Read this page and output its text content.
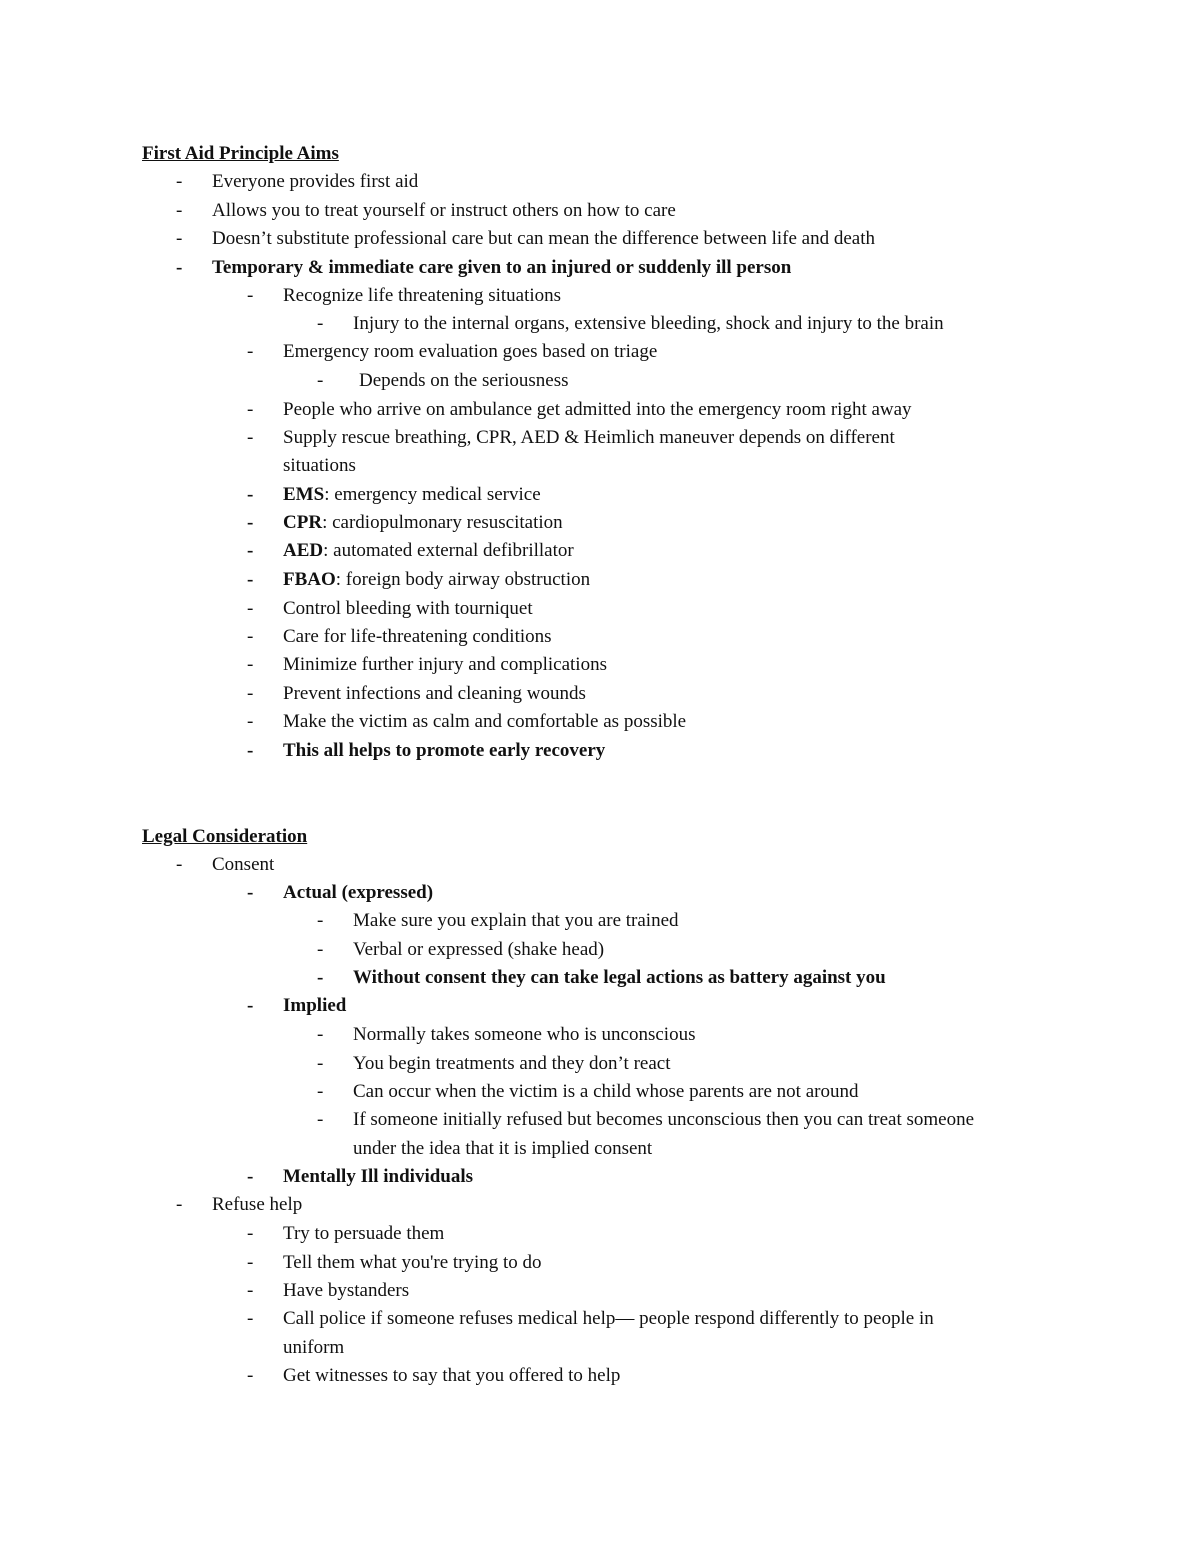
First Aid Principle Aims
- Everyone provides first aid
- Allows you to treat yourself or instruct others on how to care
- Doesn’t substitute professional care but can mean the difference between life and death
- Temporary & immediate care given to an injured or suddenly ill person
- Recognize life threatening situations
- Injury to the internal organs, extensive bleeding, shock and injury to the brain
- Emergency room evaluation goes based on triage
- Depends on the seriousness
- People who arrive on ambulance get admitted into the emergency room right away
- Supply rescue breathing, CPR, AED & Heimlich maneuver depends on different
situations
- EMS: emergency medical service
- CPR: cardiopulmonary resuscitation
- AED: automated external defibrillator
- FBAO: foreign body airway obstruction
- Control bleeding with tourniquet
- Care for life-threatening conditions
- Minimize further injury and complications
- Prevent infections and cleaning wounds
- Make the victim as calm and comfortable as possible
- This all helps to promote early recovery
Legal Consideration
- Consent
- Actual (expressed)
- Make sure you explain that you are trained
- Verbal or expressed (shake head)
- Without consent they can take legal actions as battery against you
- Implied
- Normally takes someone who is unconscious
- You begin treatments and they don’t react
- Can occur when the victim is a child whose parents are not around
- If someone initially refused but becomes unconscious then you can treat someone
under the idea that it is implied consent
- Mentally Ill individuals
- Refuse help
- Try to persuade them
- Tell them what you're trying to do
- Have bystanders
- Call police if someone refuses medical help— people respond differently to people in
uniform
- Get witnesses to say that you offered to help
